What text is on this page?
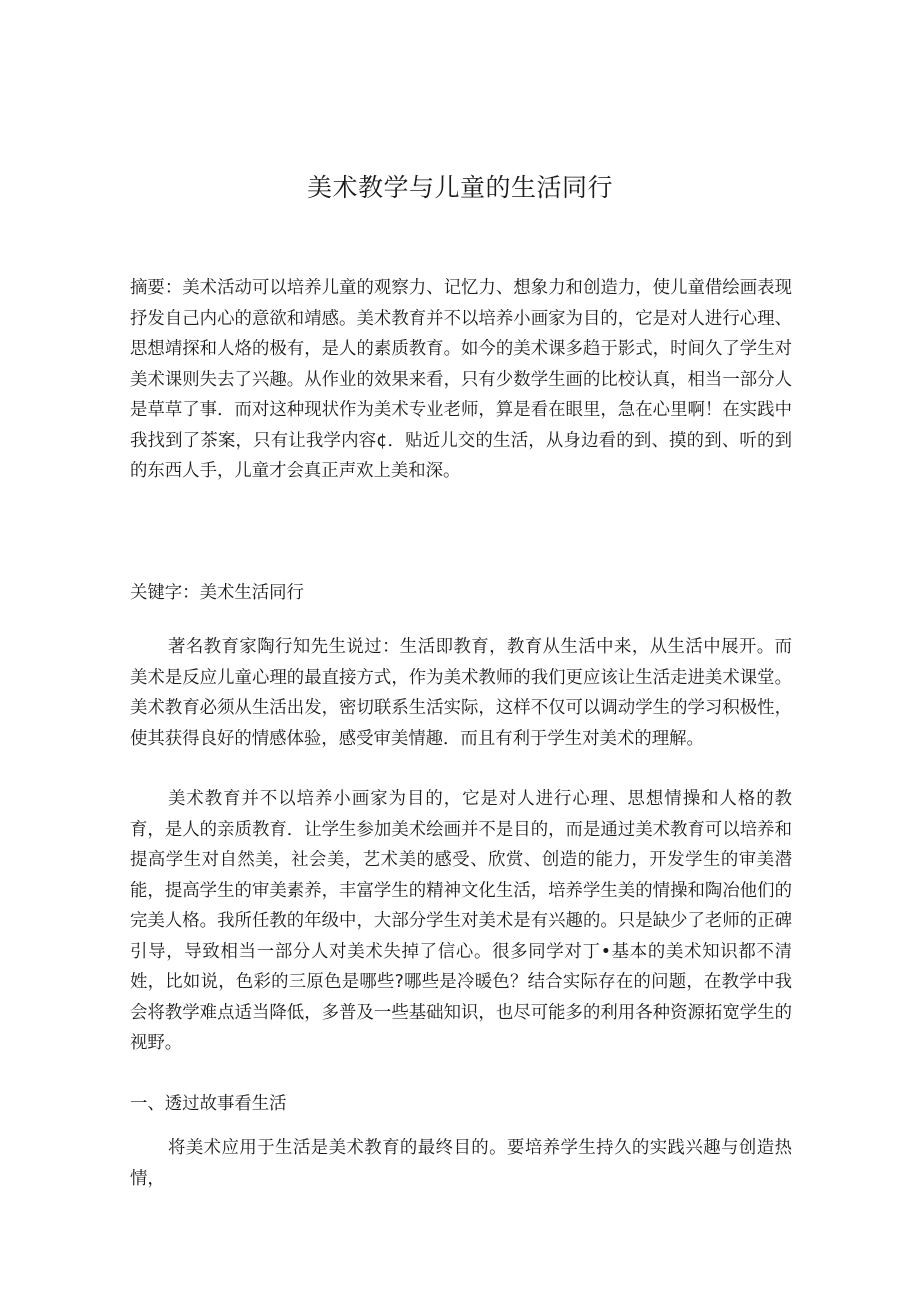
美术教学与儿童的生活同行

摘要：美术活动可以培养儿童的观察力、记忆力、想象力和创造力，使儿童借绘画表现抒发自己内心的意欲和靖感。美术教育并不以培养小画家为目的，它是对人进行心理、思想靖探和人烙的极有，是人的素质教育。如今的美术课多趋于影式，时间久了学生对美术课则失去了兴趣。从作业的效果来看，只有少数学生画的比校认真，相当一部分人是草草了事．而对这种现状作为美术专业老师，算是看在眼里，急在心里啊！在实践中我找到了茶案，只有让我学内容¢．贴近儿交的生活，从身边看的到、摸的到、听的到的东西人手，儿童才会真正声欢上美和深。

关键字：美术生活同行

著名教育家陶行知先生说过：生活即教育，教育从生活中来，从生活中展开。而美术是反应儿童心理的最直接方式，作为美术教师的我们更应该让生活走进美术课堂。美术教育必须从生活出发，密切联系生活实际，这样不仅可以调动学生的学习积极性，使其获得良好的情感体验，感受审美情趣．而且有利于学生对美术的理解。

美术教育并不以培养小画家为目的，它是对人进行心理、思想情操和人格的教育，是人的亲质教育．让学生参加美术绘画并不是目的，而是通过美术教育可以培养和提高学生对自然美，社会美，艺术美的感受、欣赏、创造的能力，开发学生的审美潜能，提高学生的审美素养，丰富学生的精神文化生活，培养学生美的情操和陶冶他们的完美人格。我所任教的年级中，大部分学生对美术是有兴趣的。只是缺少了老师的正碑引导，导致相当一部分人对美术失掉了信心。很多同学对丁•基本的美术知识都不清姓，比如说，色彩的三原色是哪些?哪些是冷暖色？结合实际存在的问题，在教学中我会将教学难点适当降低，多普及一些基础知识，也尽可能多的利用各种资源拓宽学生的视野。

一、透过故事看生活

将美术应用于生活是美术教育的最终目的。要培养学生持久的实践兴趣与创造热情，
